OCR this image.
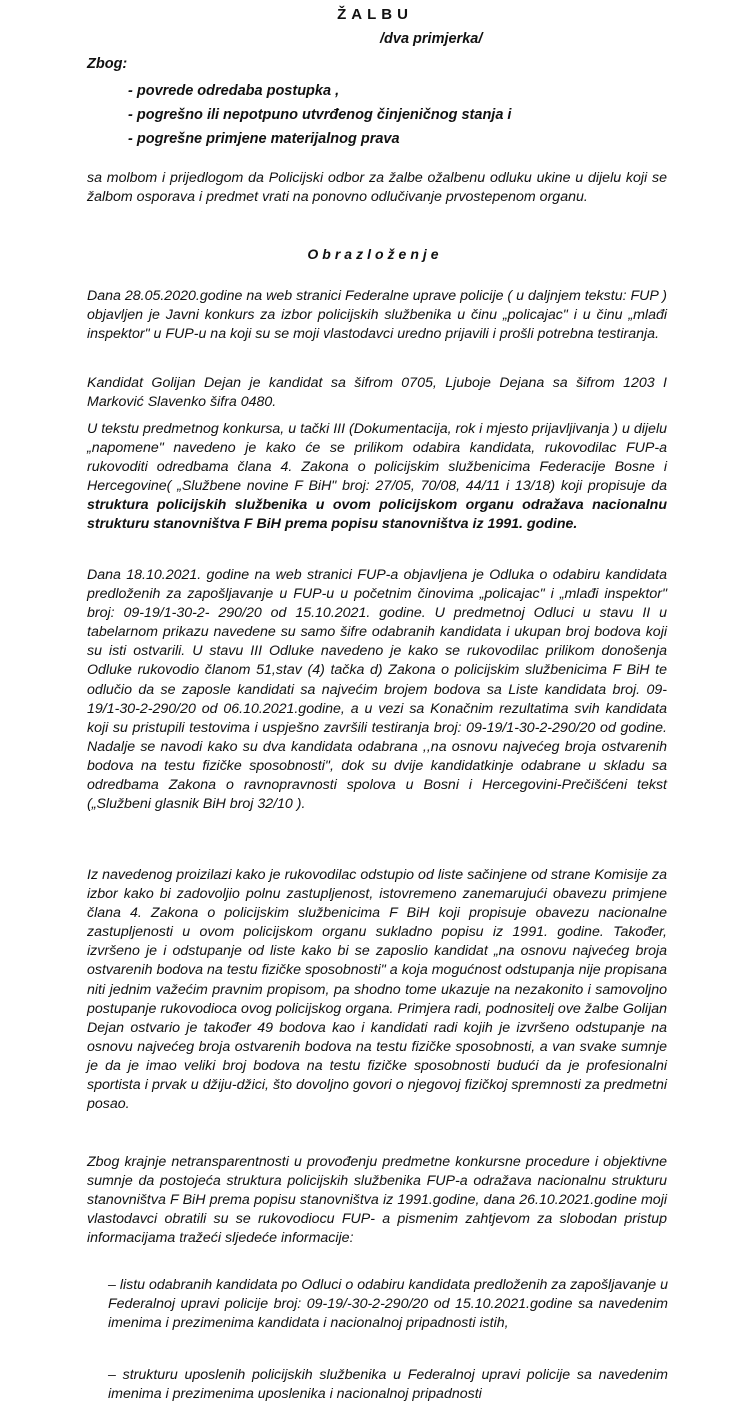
ŽALBU
/dva primjerka/
Zbog:
- povrede odredaba postupka ,
- pogrešno ili nepotpuno utvrđenog činjeničnog stanja i
- pogrešne primjene materijalnog prava

sa molbom i prijedlogom da Policijski odbor za žalbe ožalbenu odluku ukine u dijelu koji se žalbom osporava i predmet vrati na ponovno odlučivanje prvostepenom organu.

Obrazloženje

Dana 28.05.2020.godine na web stranici Federalne uprave policije ( u daljnjem tekstu: FUP ) objavljen je Javni konkurs za izbor policijskih službenika u činu „policajac" i u činu „mlađi inspektor" u FUP-u na koji su se moji vlastodavci uredno prijavili i prošli potrebna testiranja.

Kandidat Golijan Dejan je kandidat sa šifrom 0705, Ljuboje Dejana sa šifrom 1203 I Marković Slavenko šifra 0480.

U tekstu predmetnog konkursa, u tački III (Dokumentacija, rok i mjesto prijavljivanja ) u dijelu „napomene" navedeno je kako će se prilikom odabira kandidata, rukovodilac FUP-a rukovoditi odredbama člana 4. Zakona o policijskim službenicima Federacije Bosne i Hercegovine( „Službene novine F BiH" broj: 27/05, 70/08, 44/11 i 13/18) koji propisuje da struktura policijskih službenika u ovom policijskom organu odražava nacionalnu strukturu stanovništva F BiH prema popisu stanovništva iz 1991. godine.

Dana 18.10.2021. godine na web stranici FUP-a objavljena je Odluka o odabiru kandidata predloženih za zapošljavanje u FUP-u u početnim činovima „policajac" i „mlađi inspektor" broj: 09-19/1-30-2- 290/20 od 15.10.2021. godine. U predmetnoj Odluci u stavu II u tabelarnom prikazu navedene su samo šifre odabranih kandidata i ukupan broj bodova koji su isti ostvarili. U stavu III Odluke navedeno je kako se rukovodilac prilikom donošenja Odluke rukovodio članom 51,stav (4) tačka d) Zakona o policijskim službenicima F BiH te odlučio da se zaposle kandidati sa najvećim brojem bodova sa Liste kandidata broj. 09-19/1-30-2-290/20 od 06.10.2021.godine, a u vezi sa Konačnim rezultatima svih kandidata koji su pristupili testovima i uspješno završili testiranja broj: 09-19/1-30-2-290/20 od godine. Nadalje se navodi kako su dva kandidata odabrana ,,na osnovu najvećeg broja ostvarenih bodova na testu fizičke sposobnosti", dok su dvije kandidatkinje odabrane u skladu sa odredbama Zakona o ravnopravnosti spolova u Bosni i Hercegovini-Prečišćeni tekst („Službeni glasnik BiH broj 32/10 ).

Iz navedenog proizilazi kako je rukovodilac odstupio od liste sačinjene od strane Komisije za izbor kako bi zadovoljio polnu zastupljenost, istovremeno zanemarujući obavezu primjene člana 4. Zakona o policijskim službenicima F BiH koji propisuje obavezu nacionalne zastupljenosti u ovom policijskom organu sukladno popisu iz 1991. godine. Također, izvršeno je i odstupanje od liste kako bi se zaposlio kandidat „na osnovu najvećeg broja ostvarenih bodova na testu fizičke sposobnosti" a koja mogućnost odstupanja nije propisana niti jednim važećim pravnim propisom, pa shodno tome ukazuje na nezakonito i samovoljno postupanje rukovodioca ovog policijskog organa. Primjera radi, podnositelj ove žalbe Golijan Dejan ostvario je također 49 bodova kao i kandidati radi kojih je izvršeno odstupanje na osnovu najvećeg broja ostvarenih bodova na testu fizičke sposobnosti, a van svake sumnje je da je imao veliki broj bodova na testu fizičke sposobnosti budući da je profesionalni sportista i prvak u džiju-džici, što dovoljno govori o njegovoj fizičkoj spremnosti za predmetni posao.

Zbog krajnje netransparentnosti u provođenju predmetne konkursne procedure i objektivne sumnje da postojeća struktura policijskih službenika FUP-a odražava nacionalnu strukturu stanovništva F BiH prema popisu stanovništva iz 1991.godine, dana 26.10.2021.godine moji vlastodavci obratili su se rukovodiocu FUP- a pismenim zahtjevom za slobodan pristup informacijama tražeći sljedeće informacije:

– listu odabranih kandidata po Odluci o odabiru kandidata predloženih za zapošljavanje u Federalnoj upravi policije broj: 09-19/-30-2-290/20 od 15.10.2021.godine sa navedenim imenima i prezimenima kandidata i nacionalnoj pripadnosti istih,
– strukturu uposlenih policijskih službenika u Federalnoj upravi policije sa navedenim imenima i prezimenima uposlenika i nacionalnoj pripadnosti
